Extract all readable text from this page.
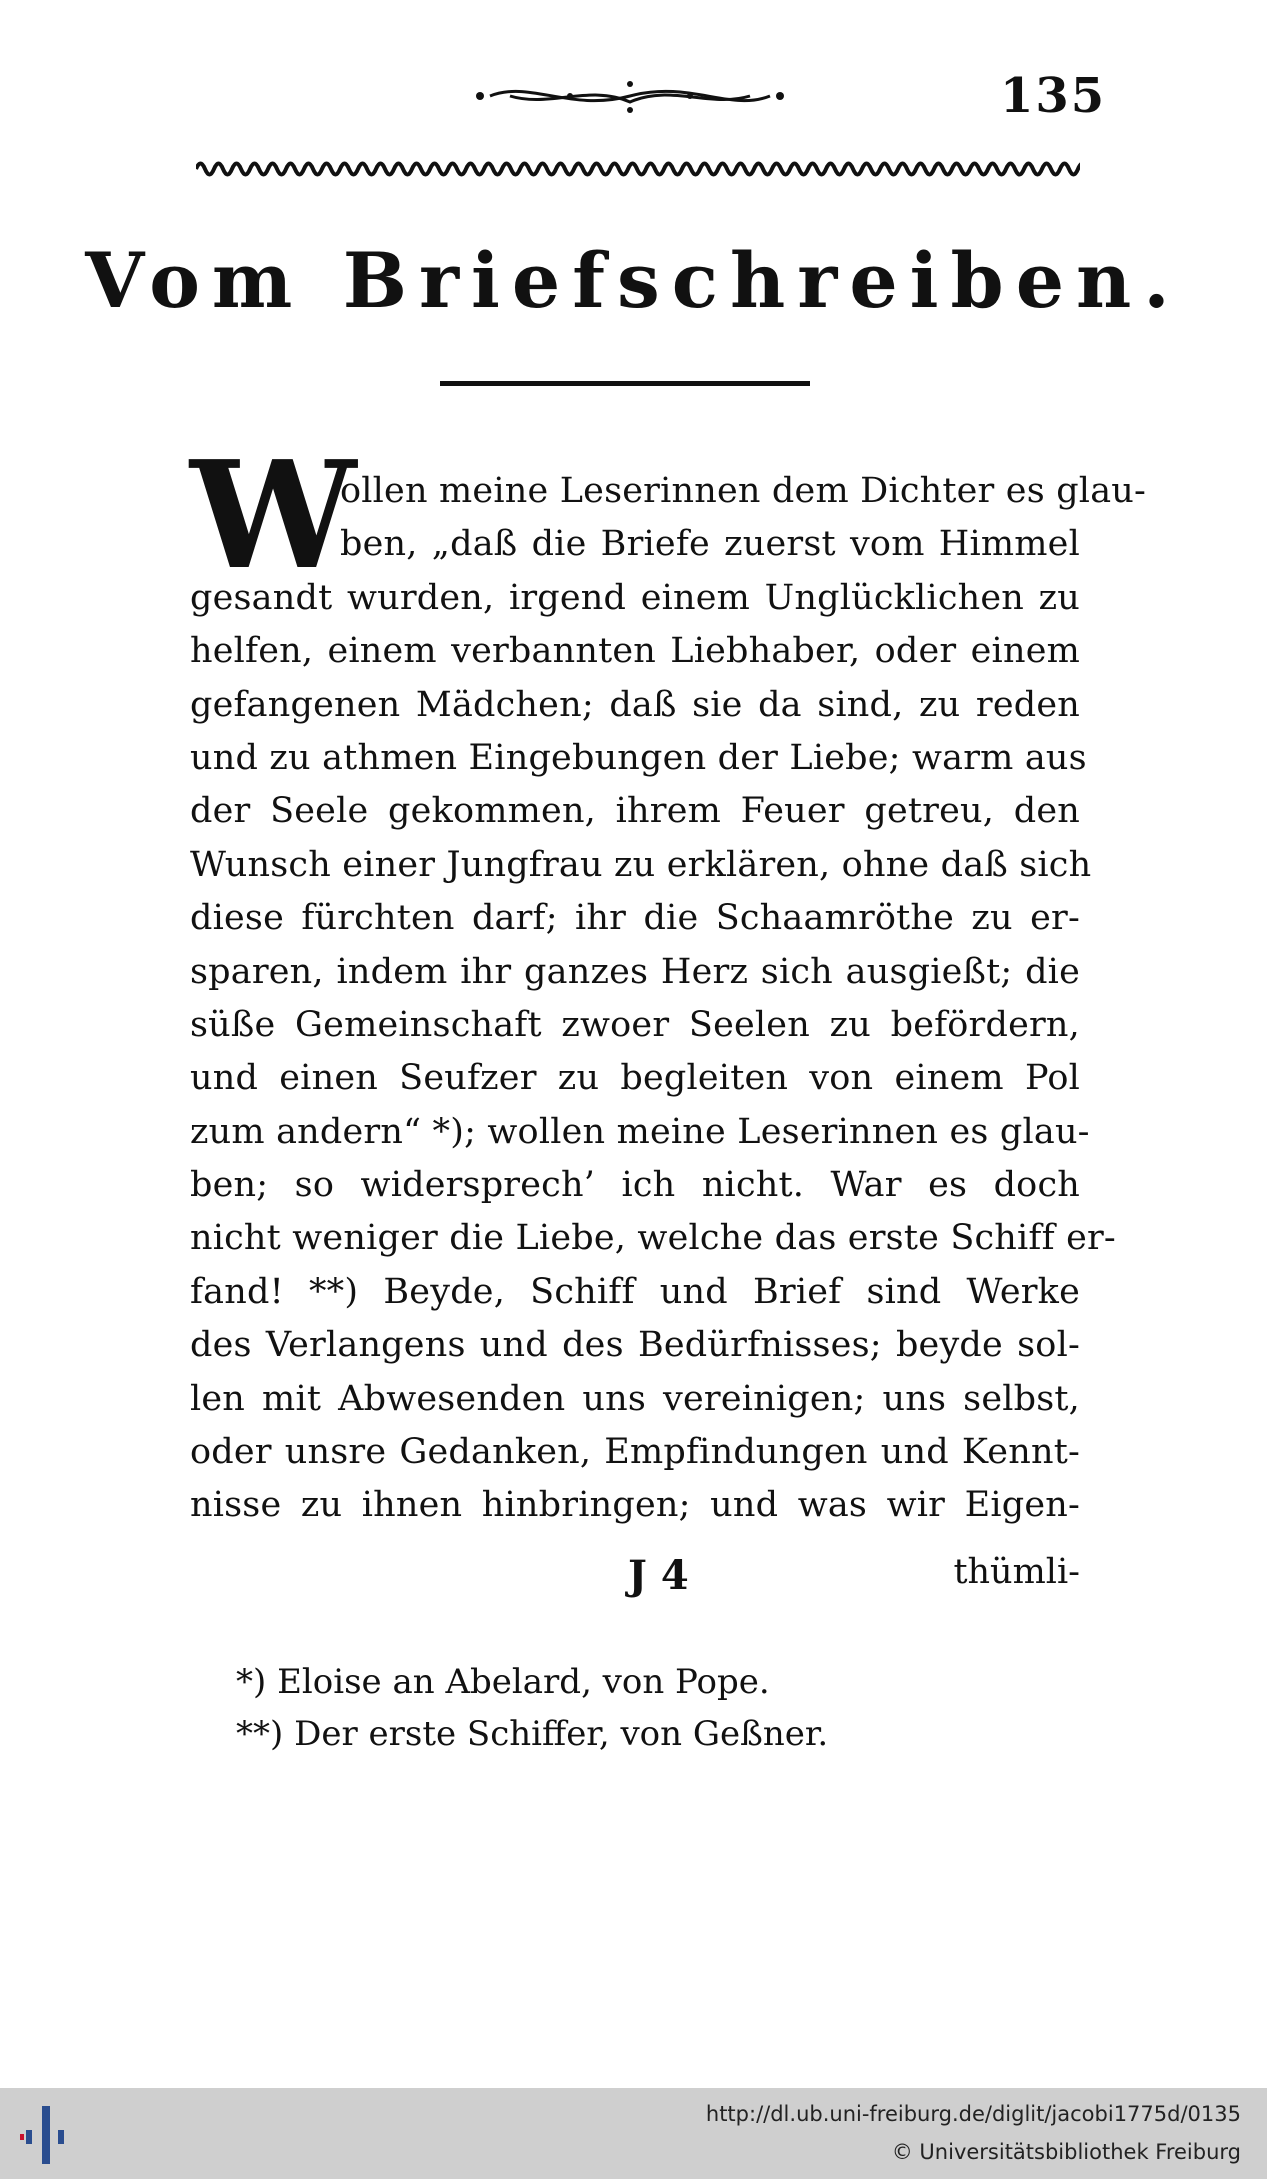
135
Vom Briefschreiben.
W
ollen meine Leserinnen dem Dichter es glau-
ben, „daß die Briefe zuerst vom Himmel
gesandt wurden, irgend einem Unglücklichen zu
helfen, einem verbannten Liebhaber, oder einem
gefangenen Mädchen; daß sie da sind, zu reden
und zu athmen Eingebungen der Liebe; warm aus
der Seele gekommen, ihrem Feuer getreu, den
Wunsch einer Jungfrau zu erklären, ohne daß sich
diese fürchten darf; ihr die Schaamröthe zu er-
sparen, indem ihr ganzes Herz sich ausgießt; die
süße Gemeinschaft zwoer Seelen zu befördern,
und einen Seufzer zu begleiten von einem Pol
zum andern“ *); wollen meine Leserinnen es glau-
ben; so widersprech’ ich nicht. War es doch
nicht weniger die Liebe, welche das erste Schiff er-
fand! **) Beyde, Schiff und Brief sind Werke
des Verlangens und des Bedürfnisses; beyde sol-
len mit Abwesenden uns vereinigen; uns selbst,
oder unsre Gedanken, Empfindungen und Kennt-
nisse zu ihnen hinbringen; und was wir Eigen-
J 4	thümli-
*) Eloise an Abelard, von Pope.
**) Der erste Schiffer, von Geßner.
http://dl.ub.uni-freiburg.de/diglit/jacobi1775d/0135
© Universitätsbibliothek Freiburg
